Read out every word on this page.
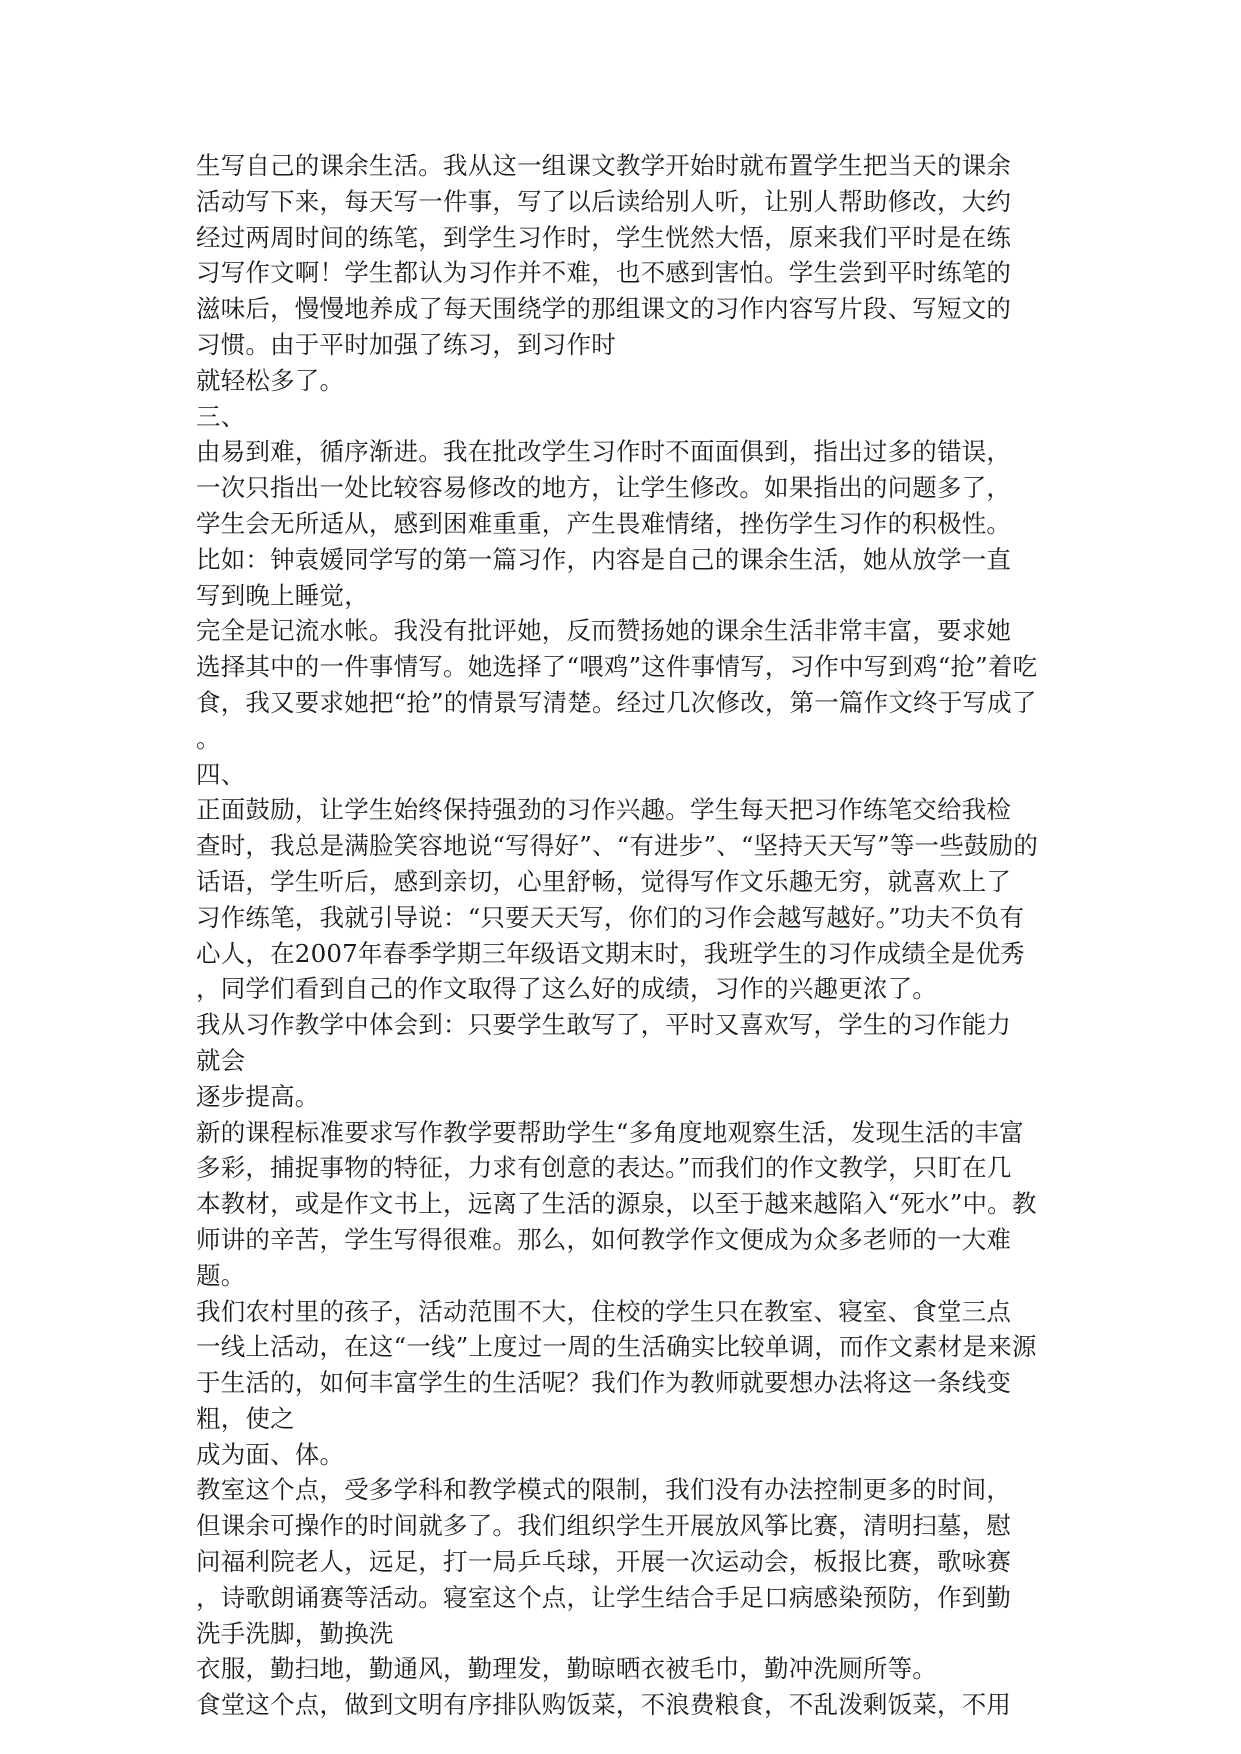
生写自己的课余生活。我从这一组课文教学开始时就布置学生把当天的课余
活动写下来，每天写一件事，写了以后读给别人听，让别人帮助修改，大约
经过两周时间的练笔，到学生习作时，学生恍然大悟，原来我们平时是在练
习写作文啊！学生都认为习作并不难，也不感到害怕。学生尝到平时练笔的
滋味后，慢慢地养成了每天围绕学的那组课文的习作内容写片段、写短文的
习惯。由于平时加强了练习，到习作时
就轻松多了。
三、
由易到难，循序渐进。我在批改学生习作时不面面俱到，指出过多的错误，
一次只指出一处比较容易修改的地方，让学生修改。如果指出的问题多了，
学生会无所适从，感到困难重重，产生畏难情绪，挫伤学生习作的积极性。
比如：钟袁媛同学写的第一篇习作，内容是自己的课余生活，她从放学一直
写到晚上睡觉，
完全是记流水帐。我没有批评她，反而赞扬她的课余生活非常丰富，要求她
选择其中的一件事情写。她选择了“喂鸡”这件事情写，习作中写到鸡“抢”着吃
食，我又要求她把“抢”的情景写清楚。经过几次修改，第一篇作文终于写成了
。
四、
正面鼓励，让学生始终保持强劲的习作兴趣。学生每天把习作练笔交给我检
查时，我总是满脸笑容地说“写得好”、“有进步”、“坚持天天写”等一些鼓励的
话语，学生听后，感到亲切，心里舒畅，觉得写作文乐趣无穷，就喜欢上了
习作练笔，我就引导说：“只要天天写，你们的习作会越写越好。”功夫不负有
心人，在2007年春季学期三年级语文期末时，我班学生的习作成绩全是优秀
，同学们看到自己的作文取得了这么好的成绩，习作的兴趣更浓了。
我从习作教学中体会到：只要学生敢写了，平时又喜欢写，学生的习作能力
就会
逐步提高。
新的课程标准要求写作教学要帮助学生“多角度地观察生活，发现生活的丰富
多彩，捕捉事物的特征，力求有创意的表达。”而我们的作文教学，只盯在几
本教材，或是作文书上，远离了生活的源泉，以至于越来越陷入“死水”中。教
师讲的辛苦，学生写得很难。那么，如何教学作文便成为众多老师的一大难
题。
我们农村里的孩子，活动范围不大，住校的学生只在教室、寝室、食堂三点
一线上活动，在这“一线”上度过一周的生活确实比较单调，而作文素材是来源
于生活的，如何丰富学生的生活呢？我们作为教师就要想办法将这一条线变
粗，使之
成为面、体。
教室这个点，受多学科和教学模式的限制，我们没有办法控制更多的时间，
但课余可操作的时间就多了。我们组织学生开展放风筝比赛，清明扫墓，慰
问福利院老人，远足，打一局乒乓球，开展一次运动会，板报比赛，歌咏赛
，诗歌朗诵赛等活动。寝室这个点，让学生结合手足口病感染预防，作到勤
洗手洗脚，勤换洗
衣服，勤扫地，勤通风，勤理发，勤晾晒衣被毛巾，勤冲洗厕所等。
食堂这个点，做到文明有序排队购饭菜，不浪费粮食，不乱泼剩饭菜，不用
